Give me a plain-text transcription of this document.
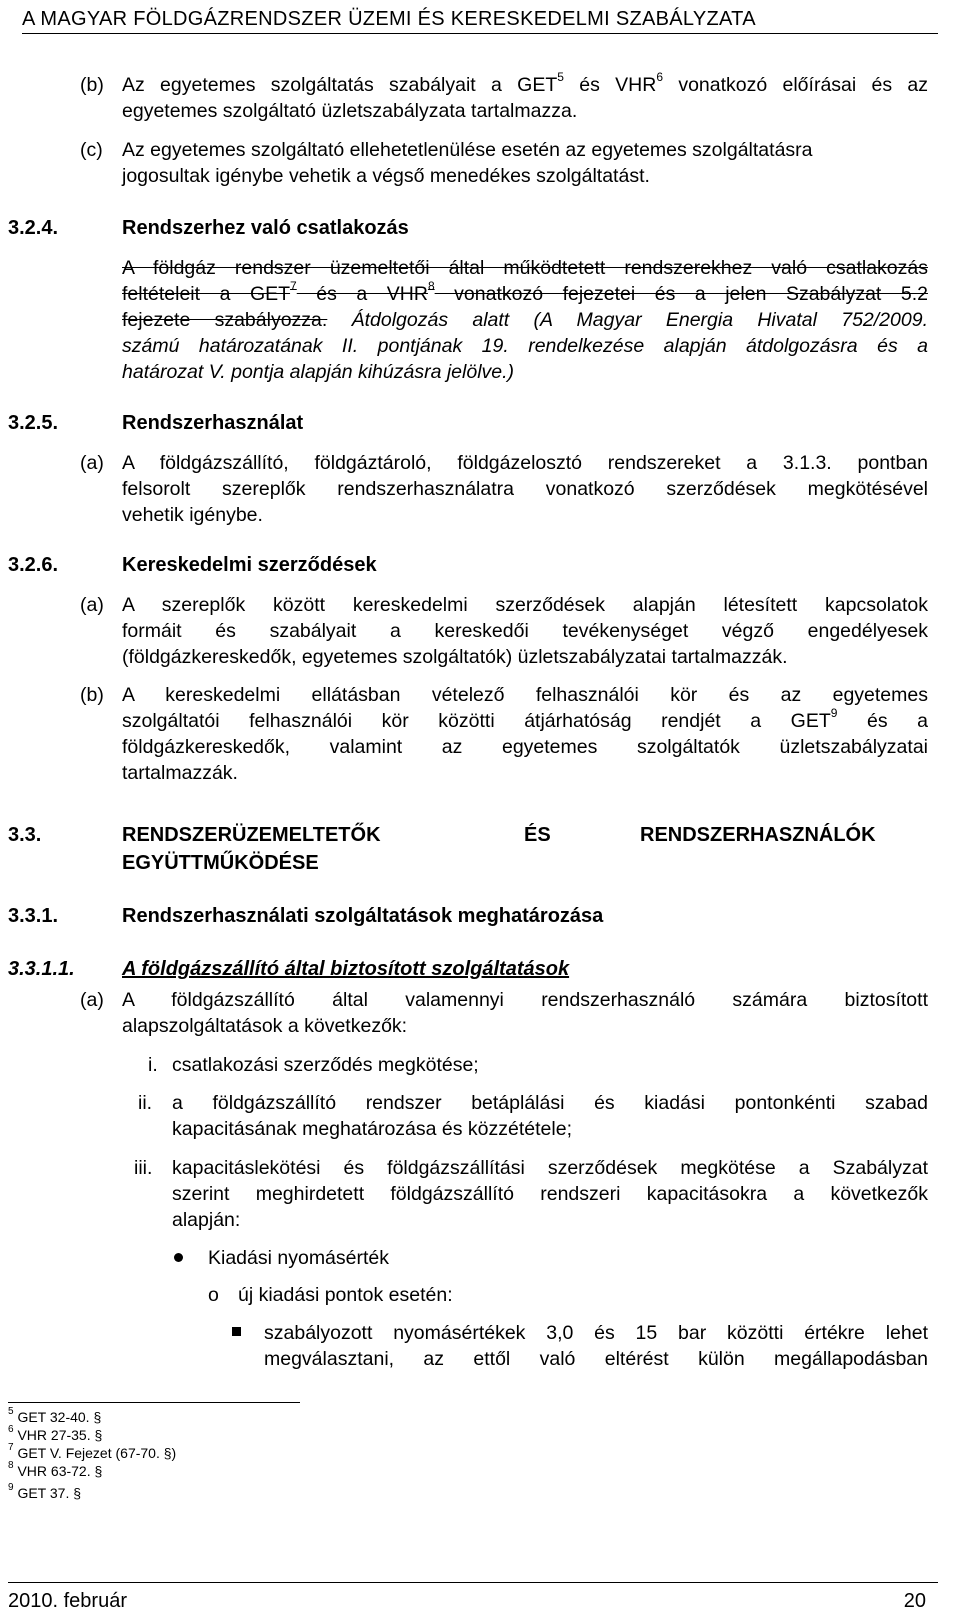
A MAGYAR FÖLDGÁZRENDSZER ÜZEMI ÉS KERESKEDELMI SZABÁLYZATA
(b) Az egyetemes szolgáltatás szabályait a GET$^5$ és VHR$^6$ vonatkozó előírásai és az
egyetemes szolgáltató üzletszabályzata tartalmazza.
(c) Az egyetemes szolgáltató ellehetetlenülése esetén az egyetemes szolgáltatásra
jogosultak igénybe vehetik a végső menedékes szolgáltatást.
3.2.4.	Rendszerhez való csatlakozás
A földgáz rendszer üzemeltetői által működtetett rendszerekhez való csatlakozás
feltételeit a GET$^7$ és a VHR$^8$ vonatkozó fejezetei és a jelen Szabályzat 5.2
fejezete szabályozza. Átdolgozás alatt (A Magyar Energia Hivatal 752/2009.
számú határozatának II. pontjának 19. rendelkezése alapján átdolgozásra és a
határozat V. pontja alapján kihúzásra jelölve.)
3.2.5.	Rendszerhasználat
(a) A földgázszállító, földgáztároló, földgázelosztó rendszereket a 3.1.3. pontban
felsorolt szereplők rendszerhasználatra vonatkozó szerződések megkötésével
vehetik igénybe.
3.2.6.	Kereskedelmi szerződések
(a) A szereplők között kereskedelmi szerződések alapján létesített kapcsolatok
formáit és szabályait a kereskedői tevékenységet végző engedélyesek
(földgázkereskedők, egyetemes szolgáltatók) üzletszabályzatai tartalmazzák.
(b) A kereskedelmi ellátásban vételező felhasználói kör és az egyetemes
szolgáltatói felhasználói kör közötti átjárhatóság rendjét a GET$^9$ és a
földgázkereskedők, valamint az egyetemes szolgáltatók üzletszabályzatai
tartalmazzák.
3.3.	RENDSZERÜZEMELTETŐK	ÉS	RENDSZERHASZNÁLÓK
EGYÜTTMŰKÖDÉSE
3.3.1.	Rendszerhasználati szolgáltatások meghatározása
3.3.1.1. A földgázszállító által biztosított szolgáltatások
(a) A földgázszállító által valamennyi rendszerhasználó számára biztosított
alapszolgáltatások a következők:
i. csatlakozási szerződés megkötése;
ii. a földgázszállító rendszer betáplálási és kiadási pontonkénti szabad
kapacitásának meghatározása és közzététele;
iii. kapacitáslekötési és földgázszállítási szerződések megkötése a Szabályzat
szerint meghirdetett földgázszállító rendszeri kapacitásokra a következők
alapján:
Kiadási nyomásérték
o új kiadási pontok esetén:
szabályozott nyomásértékek 3,0 és 15 bar közötti értékre lehet
megválasztani, az ettől való eltérést külön megállapodásban
$^5$ GET 32-40. §
$^6$ VHR 27-35. §
$^7$ GET V. Fejezet (67-70. §)
$^8$ VHR 63-72. §
$^9$ GET 37. §
2010. február	20
